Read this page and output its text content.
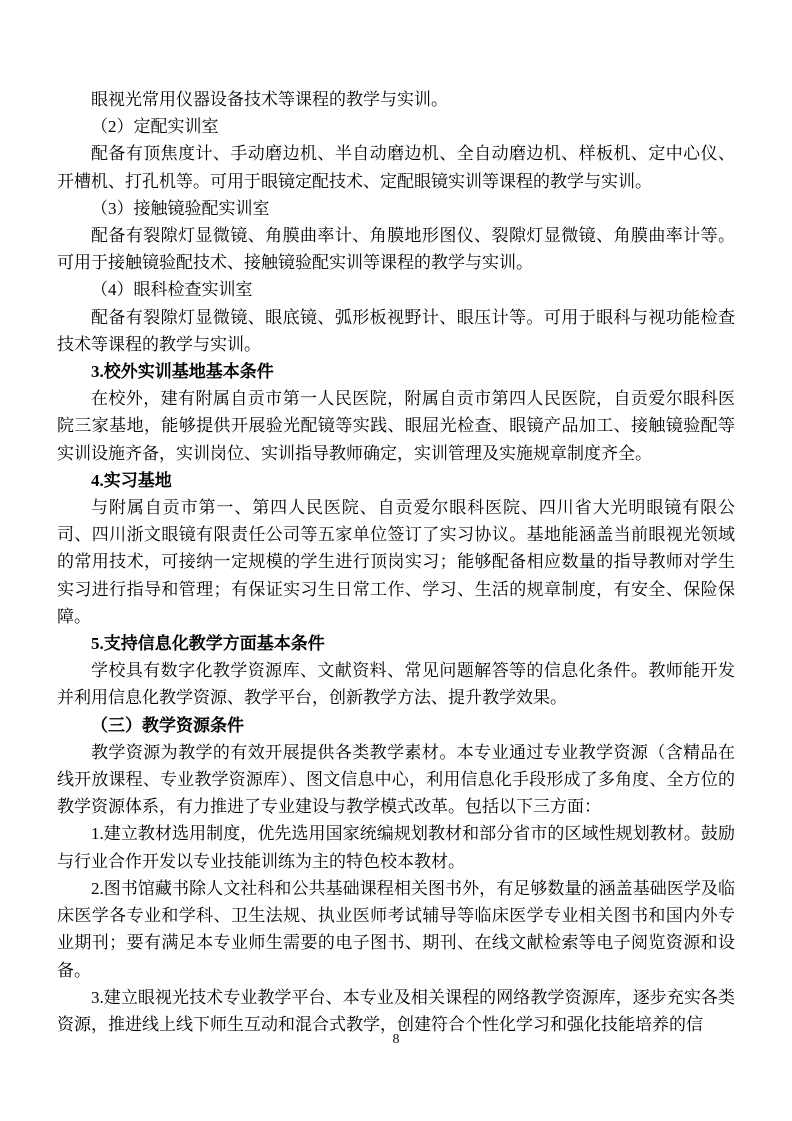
眼视光常用仪器设备技术等课程的教学与实训。

（2）定配实训室

配备有顶焦度计、手动磨边机、半自动磨边机、全自动磨边机、样板机、定中心仪、开槽机、打孔机等。可用于眼镜定配技术、定配眼镜实训等课程的教学与实训。

（3）接触镜验配实训室

配备有裂隙灯显微镜、角膜曲率计、角膜地形图仪、裂隙灯显微镜、角膜曲率计等。可用于接触镜验配技术、接触镜验配实训等课程的教学与实训。

（4）眼科检查实训室

配备有裂隙灯显微镜、眼底镜、弧形板视野计、眼压计等。可用于眼科与视功能检查技术等课程的教学与实训。

3.校外实训基地基本条件

在校外，建有附属自贡市第一人民医院，附属自贡市第四人民医院，自贡爱尔眼科医院三家基地，能够提供开展验光配镜等实践、眼屈光检查、眼镜产品加工、接触镜验配等实训设施齐备，实训岗位、实训指导教师确定，实训管理及实施规章制度齐全。

4.实习基地

与附属自贡市第一、第四人民医院、自贡爱尔眼科医院、四川省大光明眼镜有限公司、四川浙文眼镜有限责任公司等五家单位签订了实习协议。基地能涵盖当前眼视光领域的常用技术，可接纳一定规模的学生进行顶岗实习；能够配备相应数量的指导教师对学生实习进行指导和管理；有保证实习生日常工作、学习、生活的规章制度，有安全、保险保障。

5.支持信息化教学方面基本条件

学校具有数字化教学资源库、文献资料、常见问题解答等的信息化条件。教师能开发并利用信息化教学资源、教学平台，创新教学方法、提升教学效果。

（三）教学资源条件

教学资源为教学的有效开展提供各类教学素材。本专业通过专业教学资源（含精品在线开放课程、专业教学资源库）、图文信息中心，利用信息化手段形成了多角度、全方位的教学资源体系，有力推进了专业建设与教学模式改革。包括以下三方面：

1.建立教材选用制度，优先选用国家统编规划教材和部分省市的区域性规划教材。鼓励与行业合作开发以专业技能训练为主的特色校本教材。

2.图书馆藏书除人文社科和公共基础课程相关图书外，有足够数量的涵盖基础医学及临床医学各专业和学科、卫生法规、执业医师考试辅导等临床医学专业相关图书和国内外专业期刊；要有满足本专业师生需要的电子图书、期刊、在线文献检索等电子阅览资源和设备。

3.建立眼视光技术专业教学平台、本专业及相关课程的网络教学资源库，逐步充实各类资源，推进线上线下师生互动和混合式教学，创建符合个性化学习和强化技能培养的信

8
